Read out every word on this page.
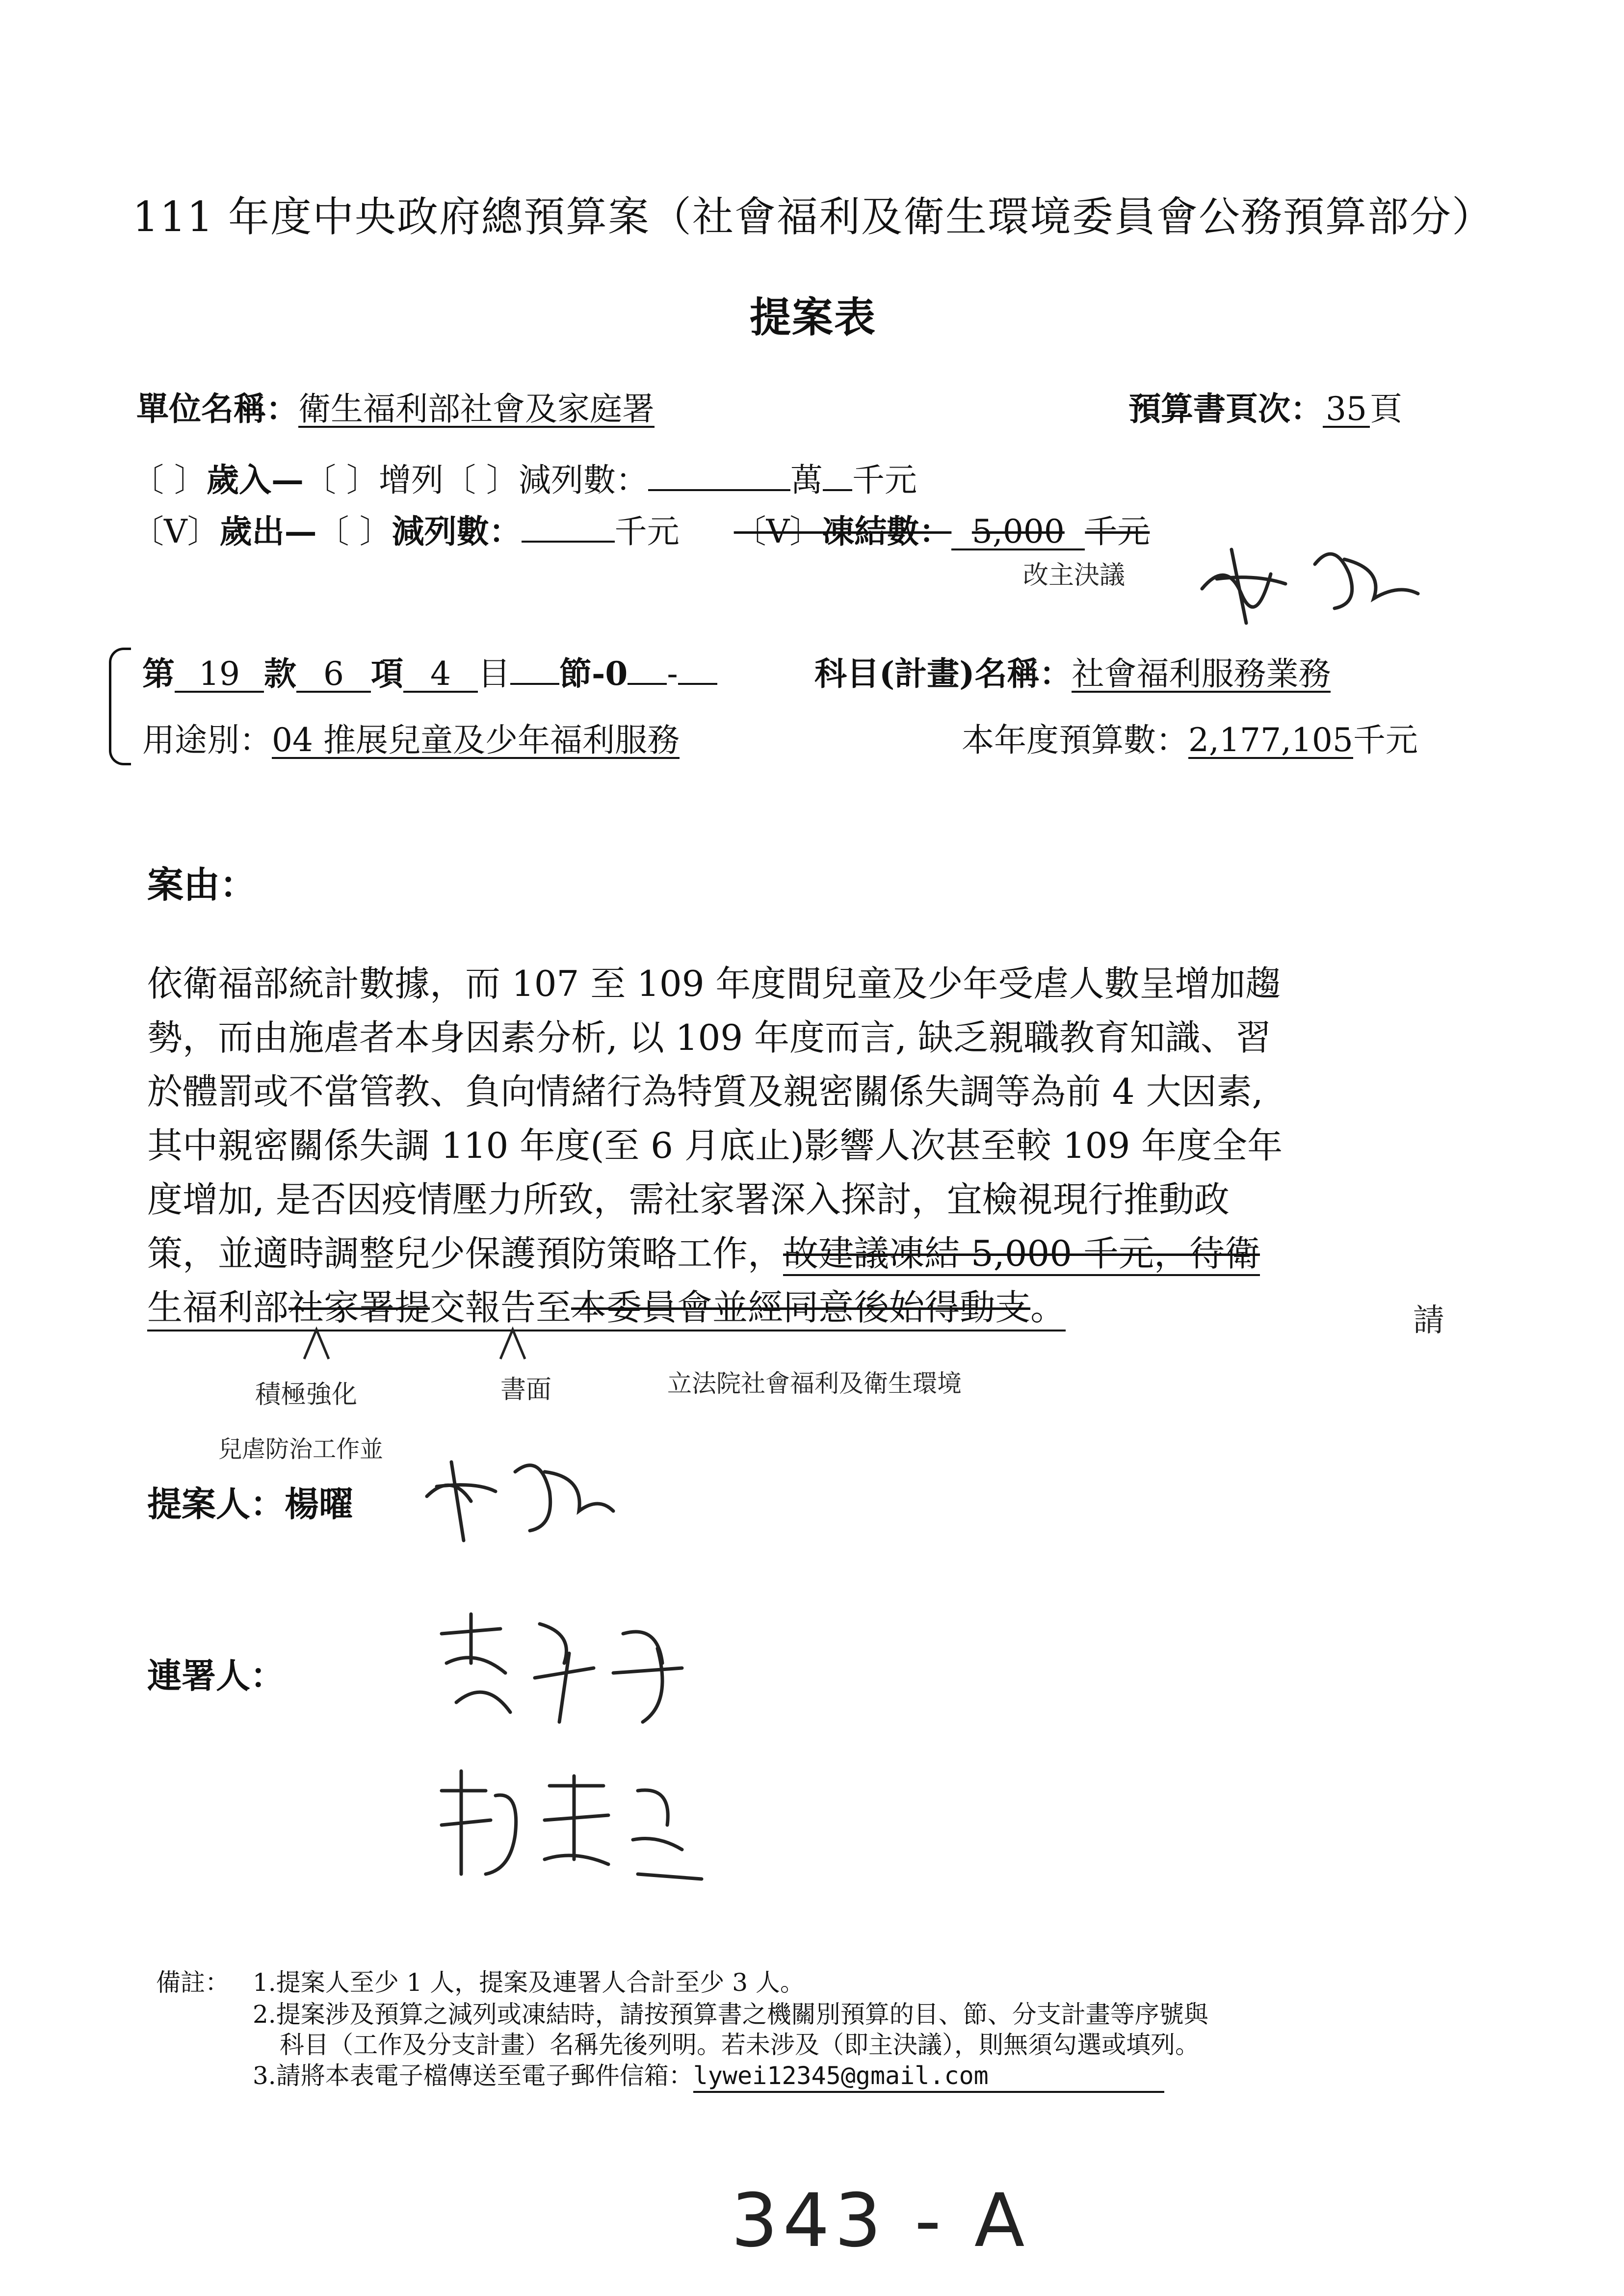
111 年度中央政府總預算案（社會福利及衛生環境委員會公務預算部分）
提案表
單位名稱：衛生福利部社會及家庭署	預算書頁次：35頁
〔 〕歲入—〔 〕增列〔 〕減列數：	萬 千元
〔V〕歲出—〔 〕減列數：	千元 〔V〕凍結數： 5,000 千元
改主決議
第 19 款 6 項 4 目 節-0 -	科目(計畫)名稱：社會福利服務業務
用途別：04 推展兒童及少年福利服務	本年度預算數：2,177,105千元
案由：
依衛福部統計數據，而 107 至 109 年度間兒童及少年受虐人數呈增加趨
勢，而由施虐者本身因素分析, 以 109 年度而言, 缺乏親職教育知識、習
於體罰或不當管教、負向情緒行為特質及親密關係失調等為前 4 大因素,
其中親密關係失調 110 年度(至 6 月底止)影響人次甚至較 109 年度全年
度增加, 是否因疫情壓力所致，需社家署深入探討，宜檢視現行推動政
策，並適時調整兒少保護預防策略工作，故建議凍結 5,000 千元，待衛
生福利部社家署提交報告至本委員會並經同意後始得動支。	請
積極強化
兒虐防治工作並
書面	立法院社會福利及衛生環境
提案人：楊曜
連署人：
備註： 1.提案人至少 1 人，提案及連署人合計至少 3 人。
2.提案涉及預算之減列或凍結時，請按預算書之機關別預算的目、節、分支計畫等序號與
科目（工作及分支計畫）名稱先後列明。若未涉及（即主決議），則無須勾選或填列。
3.請將本表電子檔傳送至電子郵件信箱：lywei12345@gmail.com
343 - A
